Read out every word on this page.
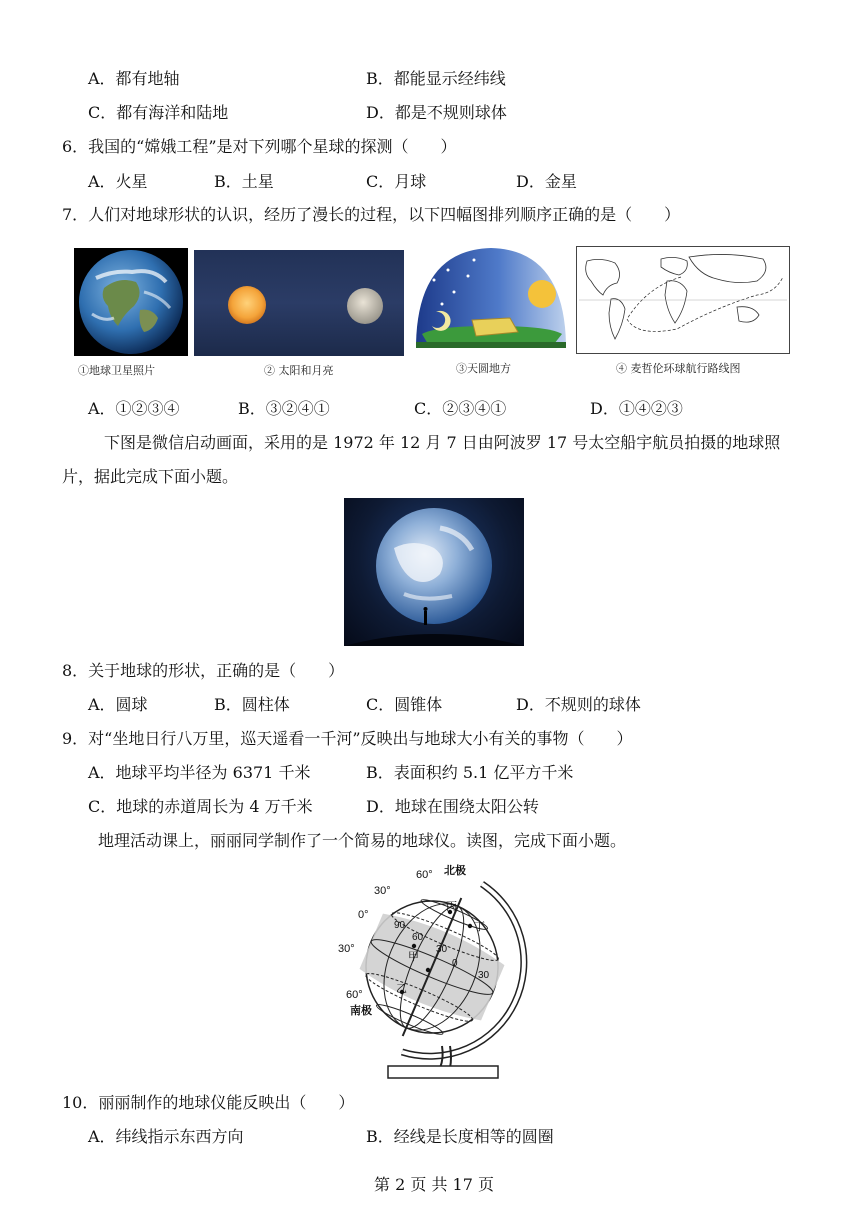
A．都有地轴	B．都能显示经纬线
C．都有海洋和陆地	D．都是不规则球体
6．我国的“嫦娥工程”是对下列哪个星球的探测（　　）
A．火星	B．土星	C．月球	D．金星
7．人们对地球形状的认识，经历了漫长的过程，以下四幅图排列顺序正确的是（　　）
①地球卫星照片	② 太阳和月亮	③天圆地方	④ 麦哲伦环球航行路线图
A．①②③④	B．③②④①	C．②③④①	D．①④②③
下图是微信启动画面，采用的是 1972 年 12 月 7 日由阿波罗 17 号太空船宇航员拍摄的地球照
片，据此完成下面小题。
8．关于地球的形状，正确的是（　　）
A．圆球	B．圆柱体	C．圆锥体	D．不规则的球体
9．对“坐地日行八万里，巡天遥看一千河”反映出与地球大小有关的事物（　　）
A．地球平均半径为 6371 千米	B．表面积约 5.1 亿平方千米
C．地球的赤道周长为 4 万千米	D．地球在围绕太阳公转
地理活动课上，丽丽同学制作了一个简易的地球仪。读图，完成下面小题。
60° 北极
30°
0°
30°
60°
南极
90
60
30
0
30
丙
丁
甲
乙
10．丽丽制作的地球仪能反映出（　　）
A．纬线指示东西方向	B．经线是长度相等的圆圈
第 2 页 共 17 页
